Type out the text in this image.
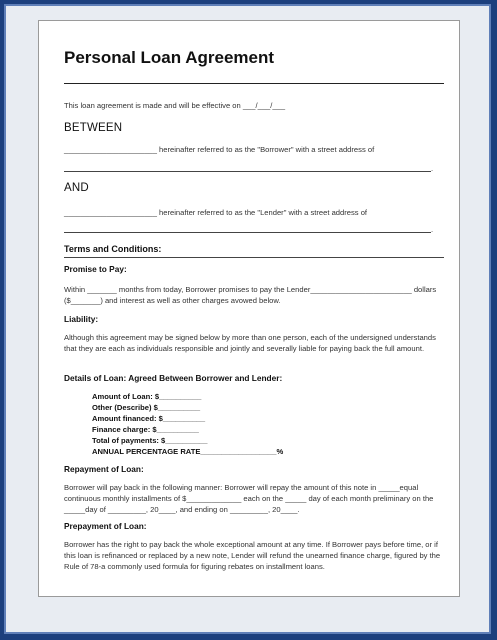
Personal Loan Agreement
This loan agreement is made and will be effective on ___/___/___
BETWEEN
______________________ hereinafter referred to as the "Borrower" with a street address of
.
AND
______________________ hereinafter referred to as the "Lender" with a street address of
.
Terms and Conditions:
Promise to Pay:
Within _______ months from today, Borrower promises to pay the Lender________________________ dollars ($_______) and interest as well as other charges avowed below.
Liability:
Although this agreement may be signed below by more than one person, each of the undersigned understands that they are each as individuals responsible and jointly and severally liable for paying back the full amount.
Details of Loan: Agreed Between Borrower and Lender:
Amount of Loan: $__________
Other (Describe) $__________
Amount financed: $__________
Finance charge: $__________
Total of payments: $__________
ANNUAL PERCENTAGE RATE__________________%
Repayment of Loan:
Borrower will pay back in the following manner: Borrower will repay the amount of this note in _____equal continuous monthly installments of $_____________ each on the _____ day of each month preliminary on the _____day of _________, 20____, and ending on _________, 20____.
Prepayment of Loan:
Borrower has the right to pay back the whole exceptional amount at any time. If Borrower pays before time, or if this loan is refinanced or replaced by a new note, Lender will refund the unearned finance charge, figured by the Rule of 78-a commonly used formula for figuring rebates on installment loans.
